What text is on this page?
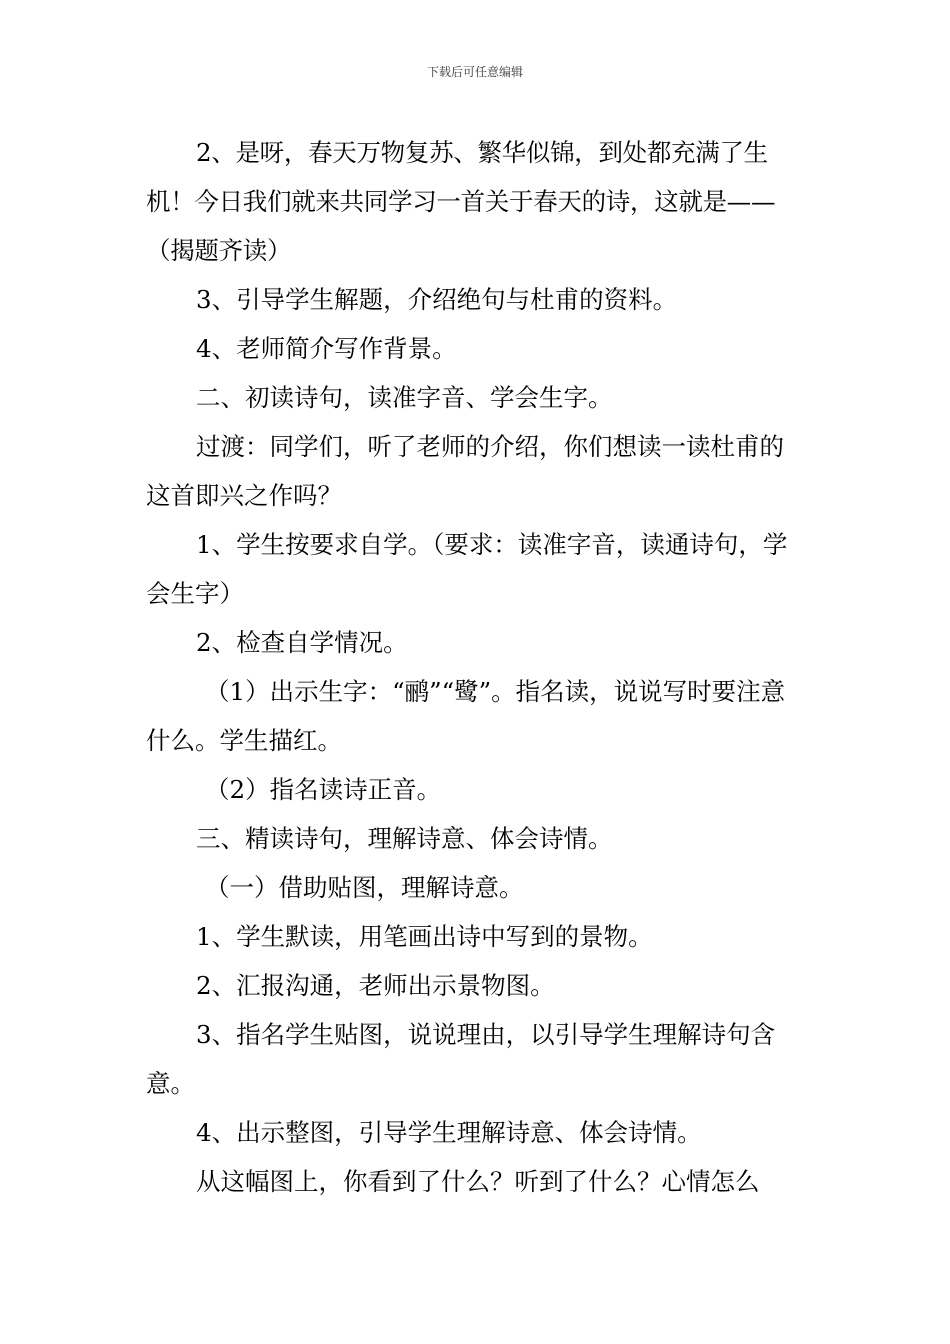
下载后可任意编辑

2、是呀，春天万物复苏、繁华似锦，到处都充满了生机！今日我们就来共同学习一首关于春天的诗，这就是——（揭题齐读）

3、引导学生解题，介绍绝句与杜甫的资料。

4、老师简介写作背景。

二、初读诗句，读准字音、学会生字。

过渡：同学们，听了老师的介绍，你们想读一读杜甫的这首即兴之作吗？

1、学生按要求自学。（要求：读准字音，读通诗句，学会生字）

2、检查自学情况。

（1）出示生字：“鹂”“鹭”。指名读，说说写时要注意什么。学生描红。

（2）指名读诗正音。

三、精读诗句，理解诗意、体会诗情。

（一）借助贴图，理解诗意。

1、学生默读，用笔画出诗中写到的景物。

2、汇报沟通，老师出示景物图。

3、指名学生贴图，说说理由，以引导学生理解诗句含意。

4、出示整图，引导学生理解诗意、体会诗情。

从这幅图上，你看到了什么？听到了什么？心情怎么
